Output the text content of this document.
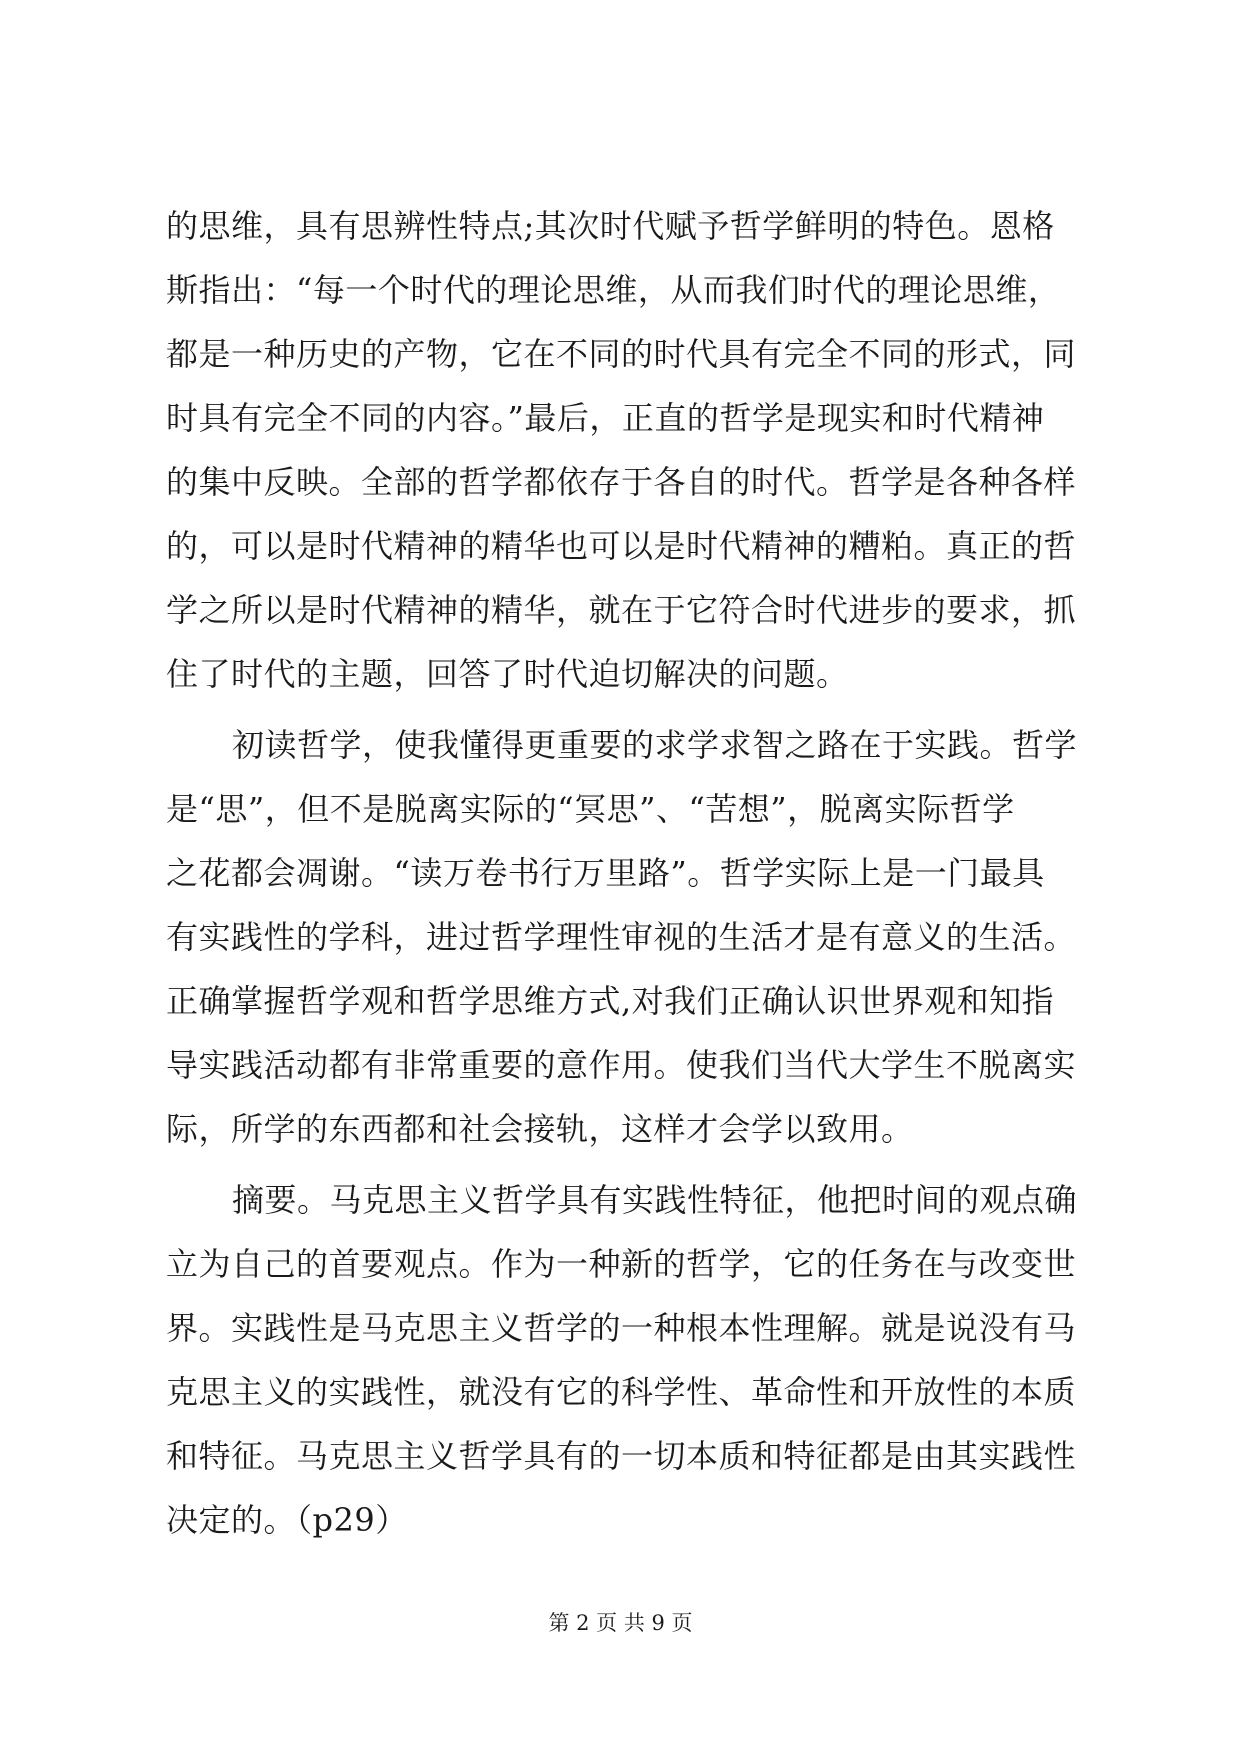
的思维，具有思辨性特点;其次时代赋予哲学鲜明的特色。恩格
斯指出：“每一个时代的理论思维，从而我们时代的理论思维，
都是一种历史的产物，它在不同的时代具有完全不同的形式，同
时具有完全不同的内容。”最后，正直的哲学是现实和时代精神
的集中反映。全部的哲学都依存于各自的时代。哲学是各种各样
的，可以是时代精神的精华也可以是时代精神的糟粕。真正的哲
学之所以是时代精神的精华，就在于它符合时代进步的要求，抓
住了时代的主题，回答了时代迫切解决的问题。
初读哲学，使我懂得更重要的求学求智之路在于实践。哲学
是“思”，但不是脱离实际的“冥思”、“苦想”，脱离实际哲学
之花都会凋谢。“读万卷书行万里路”。哲学实际上是一门最具
有实践性的学科，进过哲学理性审视的生活才是有意义的生活。
正确掌握哲学观和哲学思维方式,对我们正确认识世界观和知指
导实践活动都有非常重要的意作用。使我们当代大学生不脱离实
际，所学的东西都和社会接轨，这样才会学以致用。
摘要。马克思主义哲学具有实践性特征，他把时间的观点确
立为自己的首要观点。作为一种新的哲学，它的任务在与改变世
界。实践性是马克思主义哲学的一种根本性理解。就是说没有马
克思主义的实践性，就没有它的科学性、革命性和开放性的本质
和特征。马克思主义哲学具有的一切本质和特征都是由其实践性
决定的。（p29）
第 2 页 共 9 页
